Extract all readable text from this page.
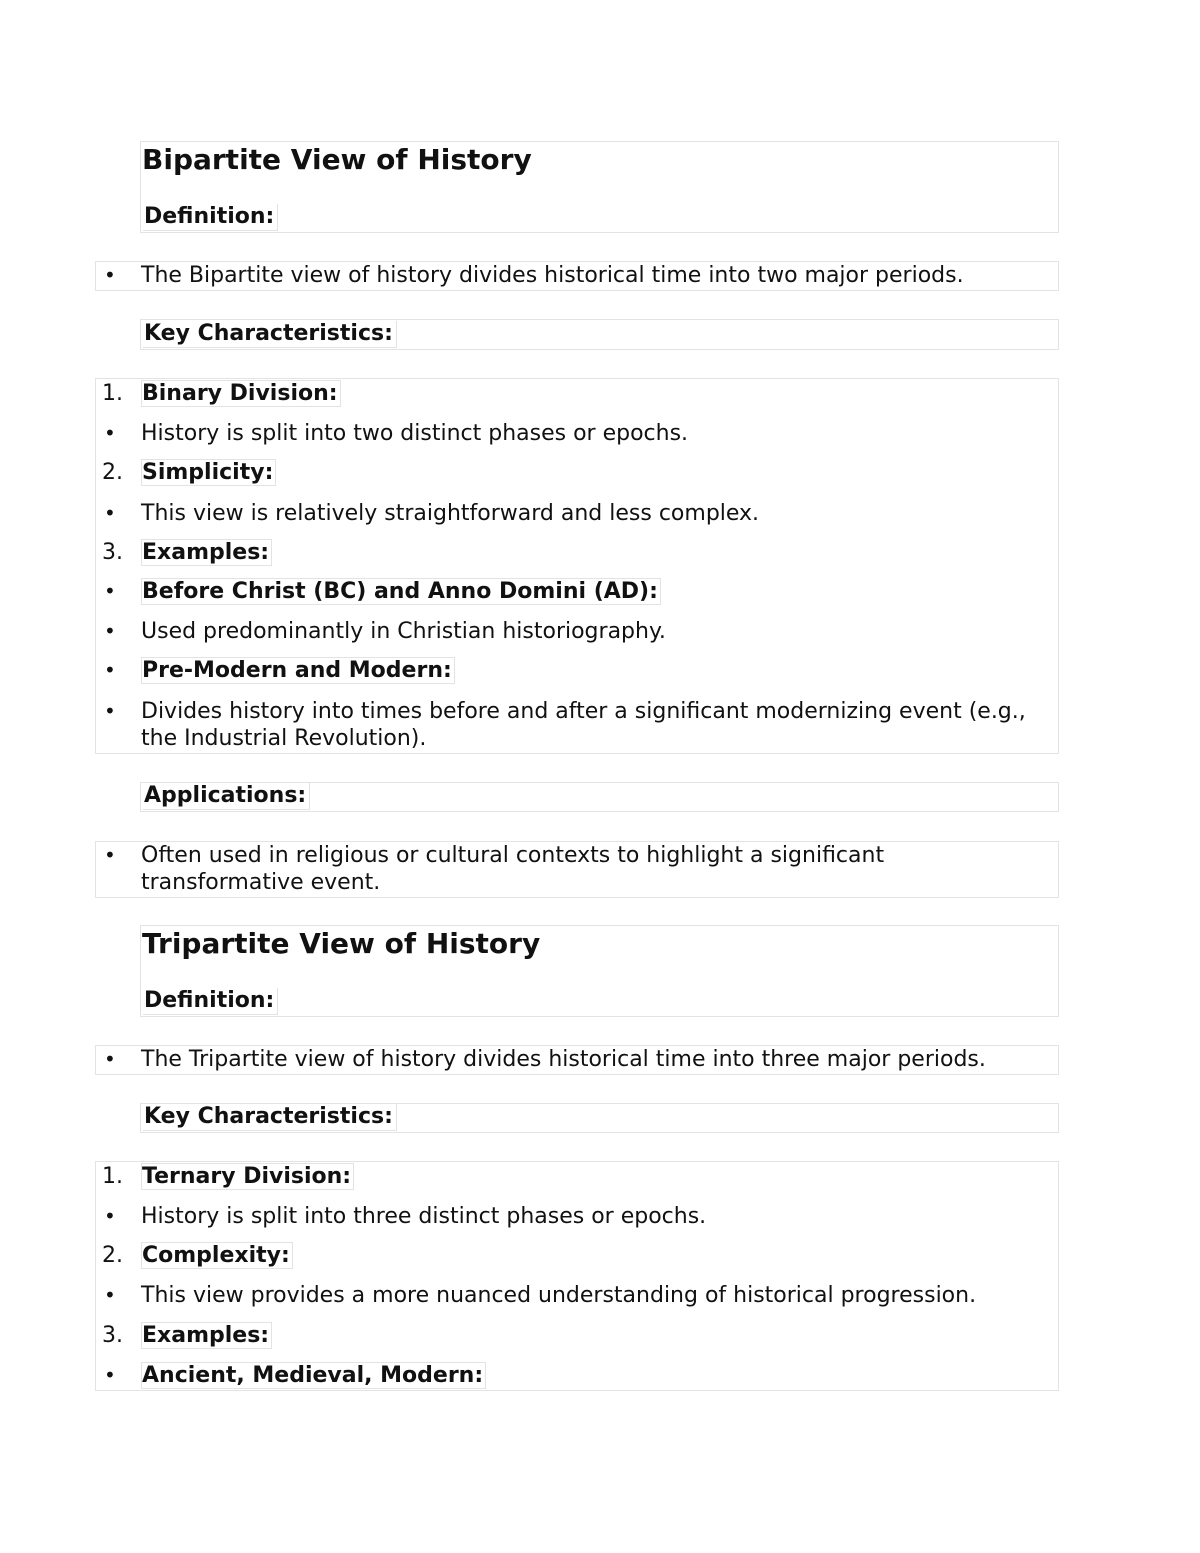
Bipartite View of History
Definition:
•	The Bipartite view of history divides historical time into two major periods.
Key Characteristics:
1. Binary Division:
•	History is split into two distinct phases or epochs.
2. Simplicity:
•	This view is relatively straightforward and less complex.
3. Examples:
•	Before Christ (BC) and Anno Domini (AD):
•	Used predominantly in Christian historiography.
•	Pre-Modern and Modern:
•	Divides history into times before and after a significant modernizing event (e.g., the Industrial Revolution).
Applications:
•	Often used in religious or cultural contexts to highlight a significant transformative event.
Tripartite View of History
Definition:
•	The Tripartite view of history divides historical time into three major periods.
Key Characteristics:
1. Ternary Division:
•	History is split into three distinct phases or epochs.
2. Complexity:
•	This view provides a more nuanced understanding of historical progression.
3. Examples:
•	Ancient, Medieval, Modern:
